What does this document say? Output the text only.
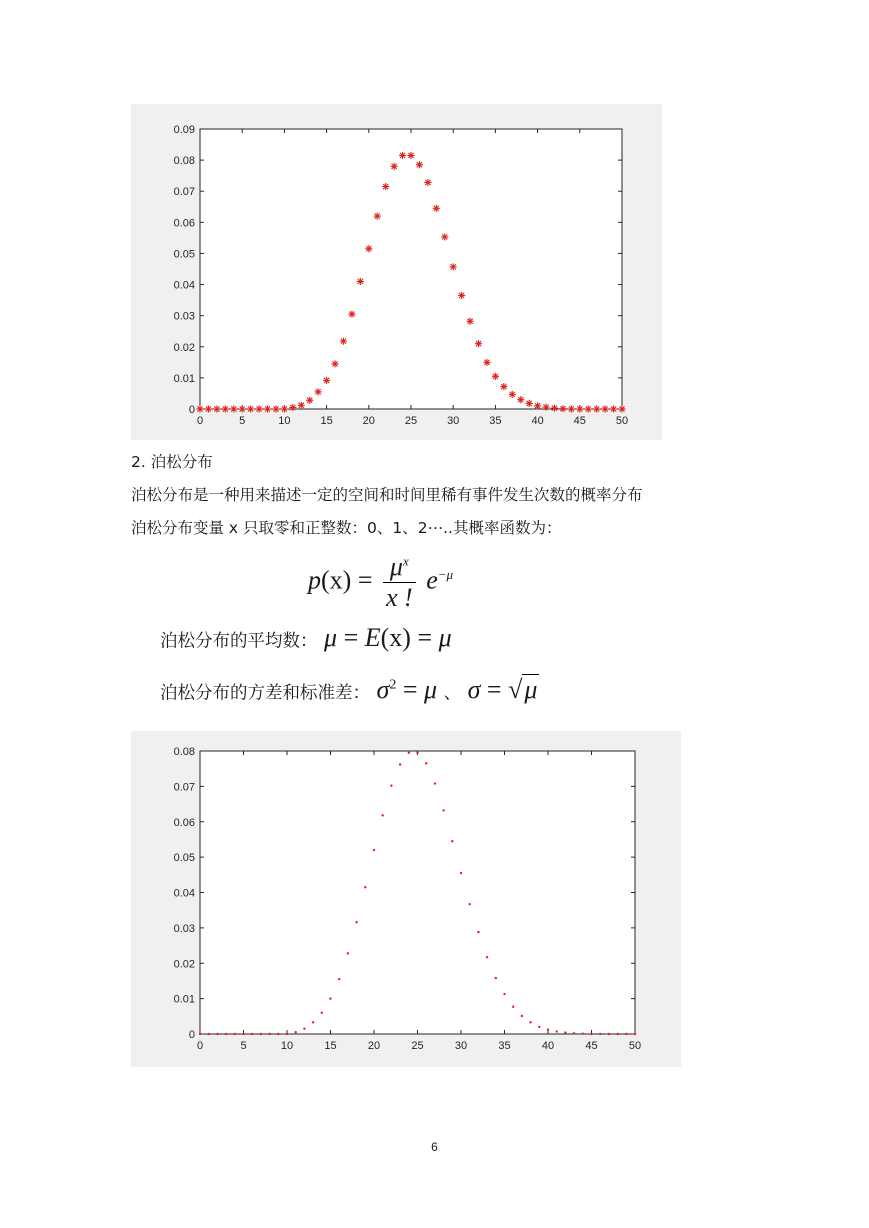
0	5	10	15	20	25	30	35	40	45	50
0
0.01
0.02
0.03
0.04
0.05
0.06
0.07
0.08
0.09
2. 泊松分布
泊松分布是一种用来描述一定的空间和时间里稀有事件发生次数的概率分布
泊松分布变量 x 只取零和正整数：0、1、2⋯..其概率函数为：
$p(x) = \frac{\mu^x}{x !} e^{-\mu}$
泊松分布的平均数： μ = E(x) = μ
泊松分布的方差和标准差： $\sigma^2 = \mu$ 、 σ = √μ
0	5	10	15	20	25	30	35	40	45	50
0
0.01
0.02
0.03
0.04
0.05
0.06
0.07
0.08
6
